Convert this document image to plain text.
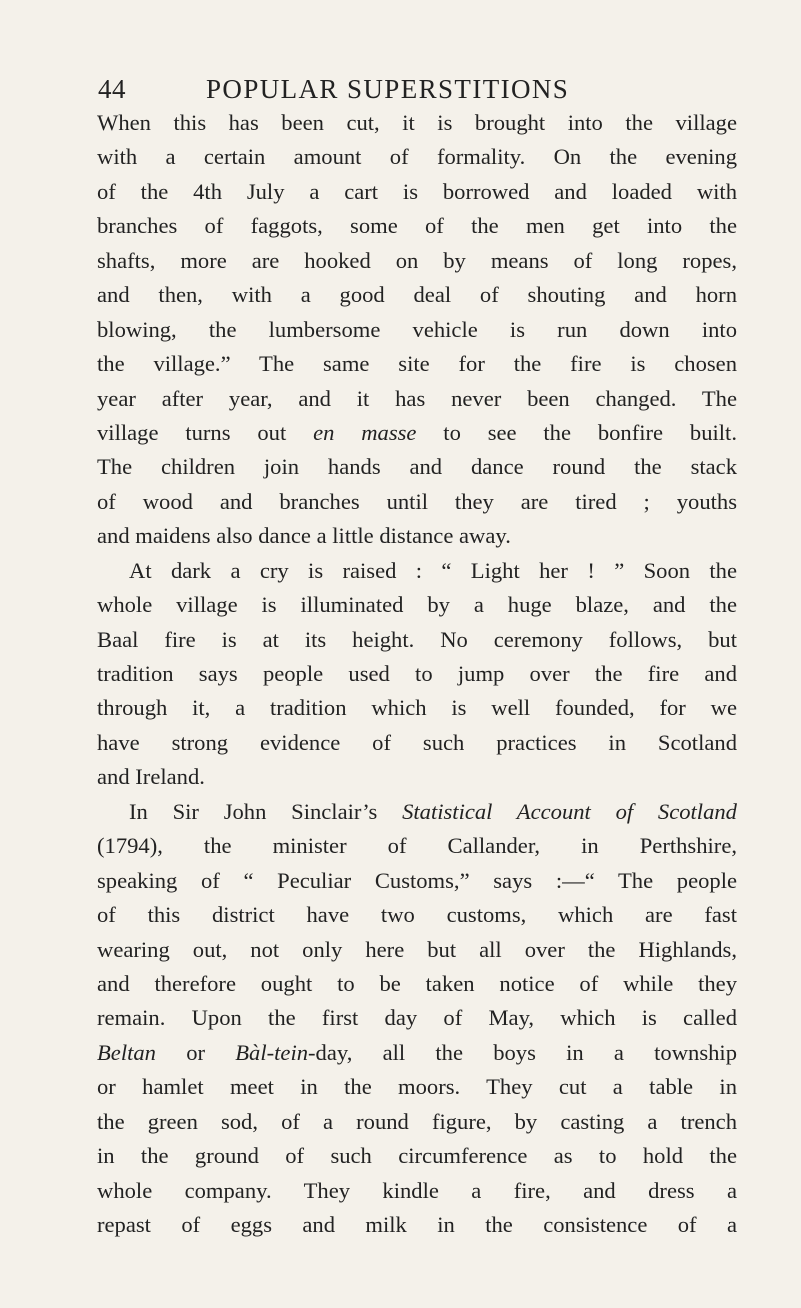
44	POPULAR SUPERSTITIONS
When this has been cut, it is brought into the village
with a certain amount of formality. On the evening
of the 4th July a cart is borrowed and loaded with
branches of faggots, some of the men get into the
shafts, more are hooked on by means of long ropes,
and then, with a good deal of shouting and horn
blowing, the lumbersome vehicle is run down into
the village.” The same site for the fire is chosen
year after year, and it has never been changed. The
village turns out en masse to see the bonfire built.
The children join hands and dance round the stack
of wood and branches until they are tired ; youths
and maidens also dance a little distance away.
At dark a cry is raised : “ Light her ! ” Soon the
whole village is illuminated by a huge blaze, and the
Baal fire is at its height. No ceremony follows, but
tradition says people used to jump over the fire and
through it, a tradition which is well founded, for we
have strong evidence of such practices in Scotland
and Ireland.
In Sir John Sinclair’s Statistical Account of Scotland
(1794), the minister of Callander, in Perthshire,
speaking of “ Peculiar Customs,” says :—“ The people
of this district have two customs, which are fast
wearing out, not only here but all over the Highlands,
and therefore ought to be taken notice of while they
remain. Upon the first day of May, which is called
Beltan or Bàl-tein-day, all the boys in a township
or hamlet meet in the moors. They cut a table in
the green sod, of a round figure, by casting a trench
in the ground of such circumference as to hold the
whole company. They kindle a fire, and dress a
repast of eggs and milk in the consistence of a
